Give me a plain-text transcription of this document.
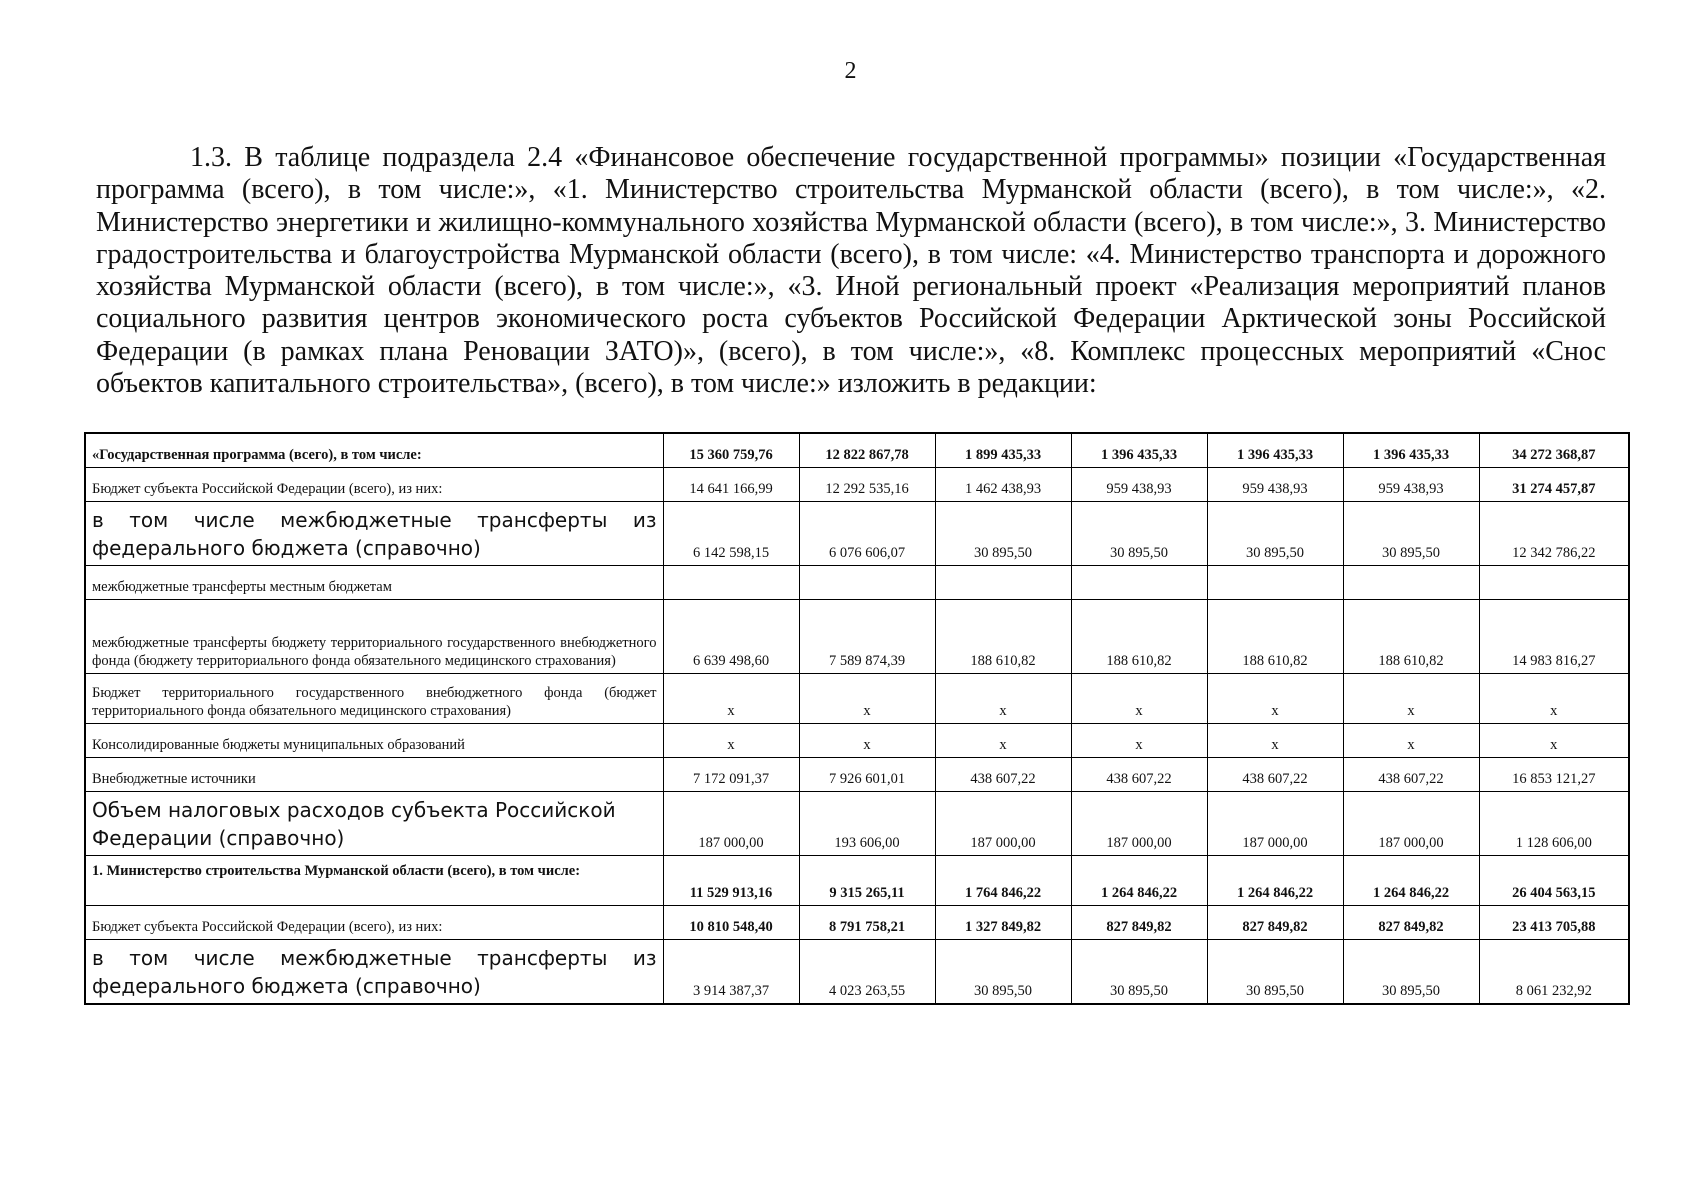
2

1.3. В таблице подраздела 2.4 «Финансовое обеспечение государственной программы» позиции «Государственная программа (всего), в том числе:», «1. Министерство строительства Мурманской области (всего), в том числе:», «2. Министерство энергетики и жилищно-коммунального хозяйства Мурманской области (всего), в том числе:», 3. Министерство градостроительства и благоустройства Мурманской области (всего), в том числе: «4. Министерство транспорта и дорожного хозяйства Мурманской области (всего), в том числе:», «3. Иной региональный проект «Реализация мероприятий планов социального развития центров экономического роста субъектов Российской Федерации Арктической зоны Российской Федерации (в рамках плана Реновации ЗАТО)», (всего), в том числе:», «8. Комплекс процессных мероприятий «Снос объектов капитального строительства», (всего), в том числе:» изложить в редакции:

«Государственная программа (всего), в том числе:	15 360 759,76	12 822 867,78	1 899 435,33	1 396 435,33	1 396 435,33	1 396 435,33	34 272 368,87
Бюджет субъекта Российской Федерации (всего), из них:	14 641 166,99	12 292 535,16	1 462 438,93	959 438,93	959 438,93	959 438,93	31 274 457,87
в том числе межбюджетные трансферты из федерального бюджета (справочно)	6 142 598,15	6 076 606,07	30 895,50	30 895,50	30 895,50	30 895,50	12 342 786,22
межбюджетные трансферты местным бюджетам							
межбюджетные трансферты бюджету территориального государственного внебюджетного фонда (бюджету территориального фонда обязательного медицинского страхования)	6 639 498,60	7 589 874,39	188 610,82	188 610,82	188 610,82	188 610,82	14 983 816,27
Бюджет территориального государственного внебюджетного фонда (бюджет территориального фонда обязательного медицинского страхования)	x	x	x	x	x	x	x
Консолидированные бюджеты муниципальных образований	x	x	x	x	x	x	x
Внебюджетные источники	7 172 091,37	7 926 601,01	438 607,22	438 607,22	438 607,22	438 607,22	16 853 121,27
Объем налоговых расходов субъекта Российской Федерации (справочно)	187 000,00	193 606,00	187 000,00	187 000,00	187 000,00	187 000,00	1 128 606,00
1. Министерство строительства Мурманской области (всего), в том числе:	11 529 913,16	9 315 265,11	1 764 846,22	1 264 846,22	1 264 846,22	1 264 846,22	26 404 563,15
Бюджет субъекта Российской Федерации (всего), из них:	10 810 548,40	8 791 758,21	1 327 849,82	827 849,82	827 849,82	827 849,82	23 413 705,88
в том числе межбюджетные трансферты из федерального бюджета (справочно)	3 914 387,37	4 023 263,55	30 895,50	30 895,50	30 895,50	30 895,50	8 061 232,92
